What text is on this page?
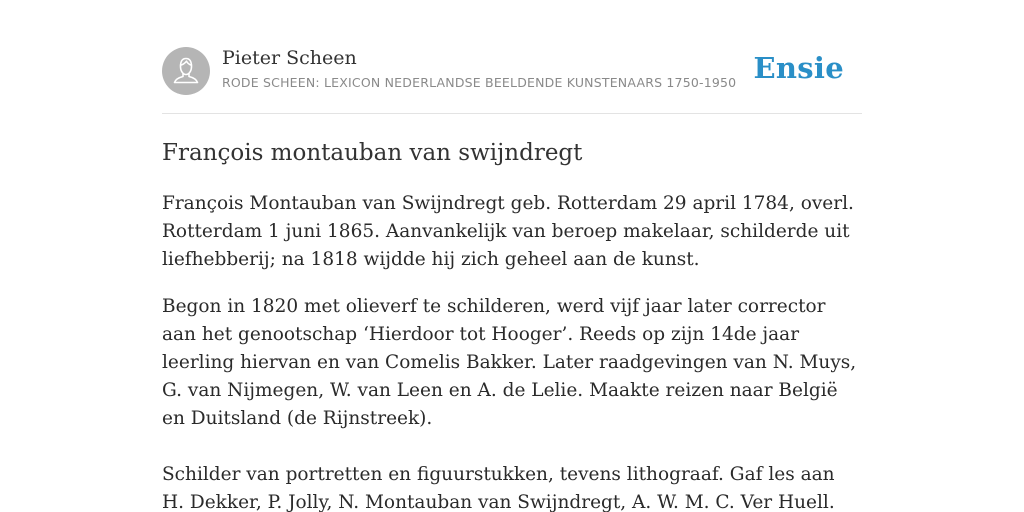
Pieter Scheen
RODE SCHEEN: LEXICON NEDERLANDSE BEELDENDE KUNSTENAARS 1750-1950 Ensie
François montauban van swijndregt

François Montauban van Swijndregt geb. Rotterdam 29 april 1784, overl. Rotterdam 1 juni 1865. Aanvankelijk van beroep makelaar, schilderde uit liefhebberij; na 1818 wijdde hij zich geheel aan de kunst.

Begon in 1820 met olieverf te schilderen, werd vijf jaar later corrector aan het genootschap ‘Hierdoor tot Hooger’. Reeds op zijn 14de jaar leerling hiervan en van Comelis Bakker. Later raadgevingen van N. Muys, G. van Nijmegen, W. van Leen en A. de Lelie. Maakte reizen naar België en Duitsland (de Rijnstreek).

Schilder van portretten en figuurstukken, tevens lithograaf. Gaf les aan H. Dekker, P. Jolly, N. Montauban van Swijndregt, A. W. M. C. Ver Huell.
